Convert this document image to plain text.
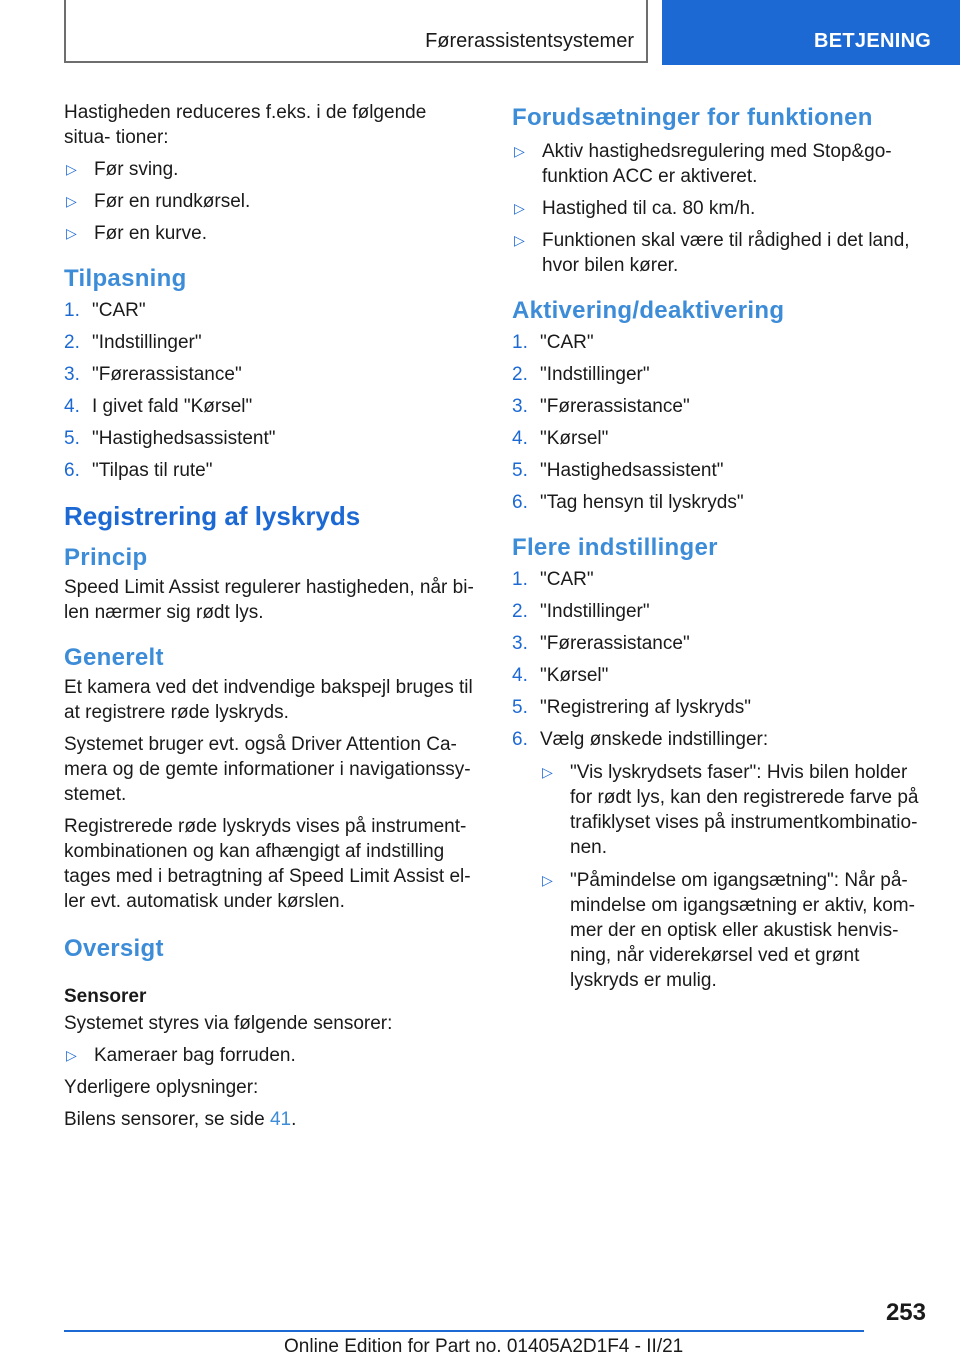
Førerassistentsystemer	BETJENING

Hastigheden reduceres f.eks. i de følgende situa- tioner:

▷ Før sving.
▷ Før en rundkørsel.
▷ Før en kurve.
Tilpasning
1. "CAR"
2. "Indstillinger"
3. "Førerassistance"
4. I givet fald "Kørsel"
5. "Hastighedsassistent"
6. "Tilpas til rute"
Registrering af lyskryds
Princip

Speed Limit Assist regulerer hastigheden, når bi- len nærmer sig rødt lys.

Generelt

Et kamera ved det indvendige bakspejl bruges til at registrere røde lyskryds.

Systemet bruger evt. også Driver Attention Ca- mera og de gemte informationer i navigationssy- stemet.

Registrerede røde lyskryds vises på instrument- kombinationen og kan afhængigt af indstilling tages med i betragtning af Speed Limit Assist el- ler evt. automatisk under kørslen.

Oversigt

Sensorer

Systemet styres via følgende sensorer:

▷ Kameraer bag forruden.

Yderligere oplysninger:

Bilens sensorer, se side 41.

Forudsætninger for funktionen
▷ Aktiv hastighedsregulering med Stop&go- funktion ACC er aktiveret.
▷ Hastighed til ca. 80 km/h.
▷ Funktionen skal være til rådighed i det land, hvor bilen kører.
Aktivering/deaktivering
1. "CAR"
2. "Indstillinger"
3. "Førerassistance"
4. "Kørsel"
5. "Hastighedsassistent"
6. "Tag hensyn til lyskryds"
Flere indstillinger
1. "CAR"
2. "Indstillinger"
3. "Førerassistance"
4. "Kørsel"
5. "Registrering af lyskryds"
6. Vælg ønskede indstillinger:
▷ "Vis lyskrydsets faser": Hvis bilen holder for rødt lys, kan den registrerede farve på trafiklyset vises på instrumentkombinatio- nen.
▷ "Påmindelse om igangsætning": Når på- mindelse om igangsætning er aktiv, kom- mer der en optisk eller akustisk henvis- ning, når viderekørsel ved et grønt lyskryds er mulig.
253
Online Edition for Part no. 01405A2D1F4 - II/21
